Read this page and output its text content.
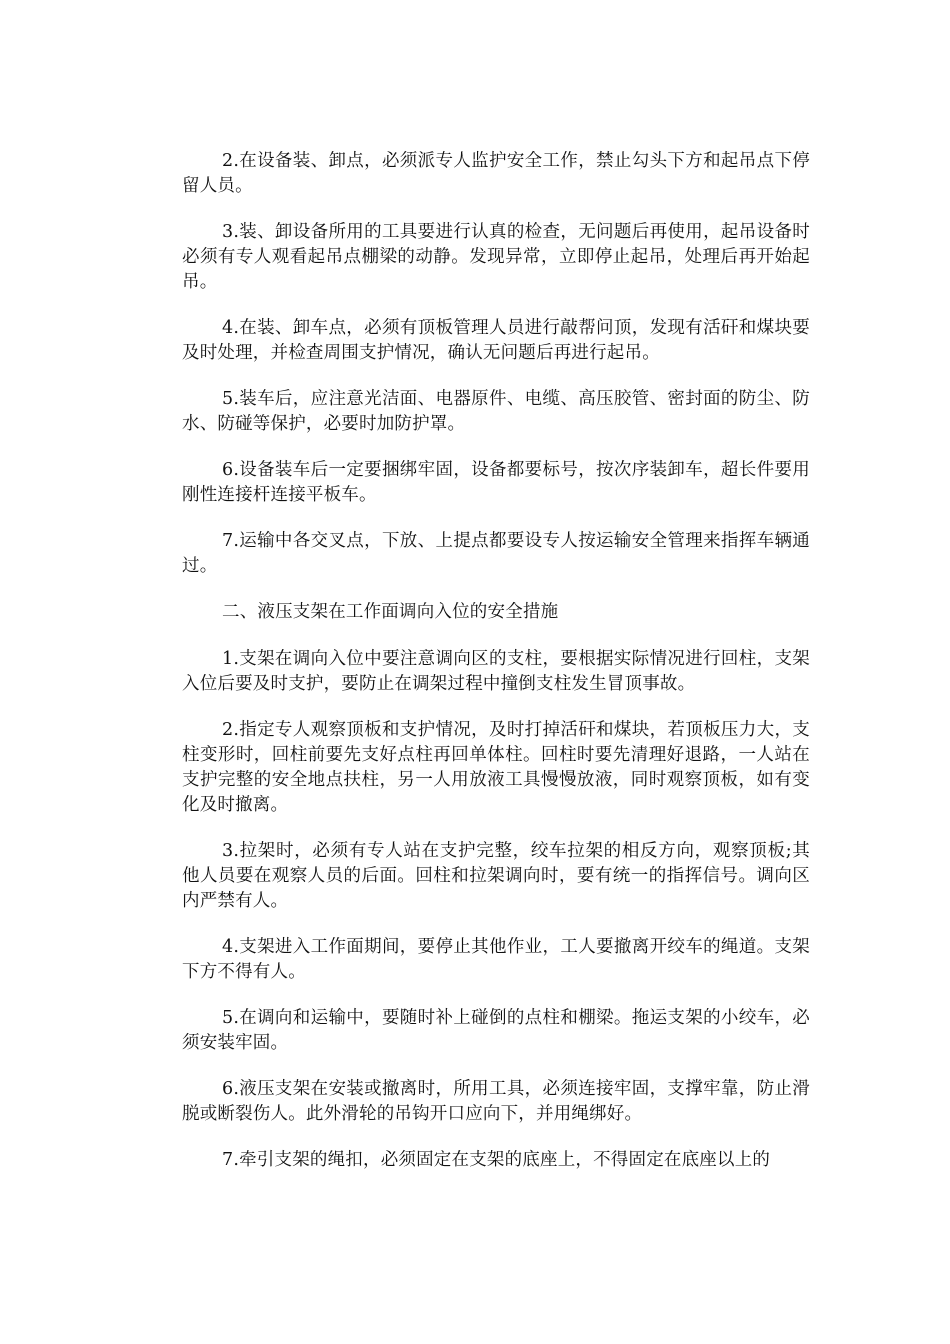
2.在设备装、卸点，必须派专人监护安全工作，禁止勾头下方和起吊点下停留人员。

3.装、卸设备所用的工具要进行认真的检查，无问题后再使用，起吊设备时必须有专人观看起吊点棚梁的动静。发现异常，立即停止起吊，处理后再开始起吊。

4.在装、卸车点，必须有顶板管理人员进行敲帮问顶，发现有活矸和煤块要及时处理，并检查周围支护情况，确认无问题后再进行起吊。

5.装车后，应注意光洁面、电器原件、电缆、高压胶管、密封面的防尘、防水、防碰等保护，必要时加防护罩。

6.设备装车后一定要捆绑牢固，设备都要标号，按次序装卸车，超长件要用刚性连接杆连接平板车。

7.运输中各交叉点，下放、上提点都要设专人按运输安全管理来指挥车辆通过。

二、液压支架在工作面调向入位的安全措施

1.支架在调向入位中要注意调向区的支柱，要根据实际情况进行回柱，支架入位后要及时支护，要防止在调架过程中撞倒支柱发生冒顶事故。

2.指定专人观察顶板和支护情况，及时打掉活矸和煤块，若顶板压力大，支柱变形时，回柱前要先支好点柱再回单体柱。回柱时要先清理好退路，一人站在支护完整的安全地点扶柱，另一人用放液工具慢慢放液，同时观察顶板，如有变化及时撤离。

3.拉架时，必须有专人站在支护完整，绞车拉架的相反方向，观察顶板;其他人员要在观察人员的后面。回柱和拉架调向时，要有统一的指挥信号。调向区内严禁有人。

4.支架进入工作面期间，要停止其他作业，工人要撤离开绞车的绳道。支架下方不得有人。

5.在调向和运输中，要随时补上碰倒的点柱和棚梁。拖运支架的小绞车，必须安装牢固。

6.液压支架在安装或撤离时，所用工具，必须连接牢固，支撑牢靠，防止滑脱或断裂伤人。此外滑轮的吊钩开口应向下，并用绳绑好。

7.牵引支架的绳扣，必须固定在支架的底座上，不得固定在底座以上的
